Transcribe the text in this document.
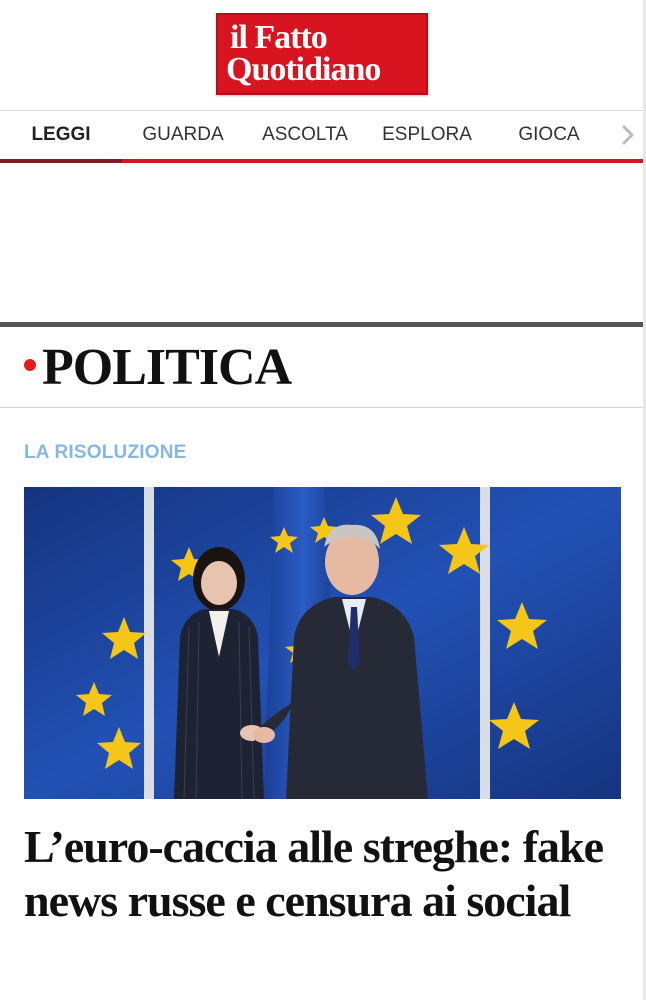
il Fatto
Quotidiano
LEGGI	GUARDA	ASCOLTA	ESPLORA	GIOCA
POLITICA
LA RISOLUZIONE
L’euro-caccia alle streghe: fake news russe e censura ai social
